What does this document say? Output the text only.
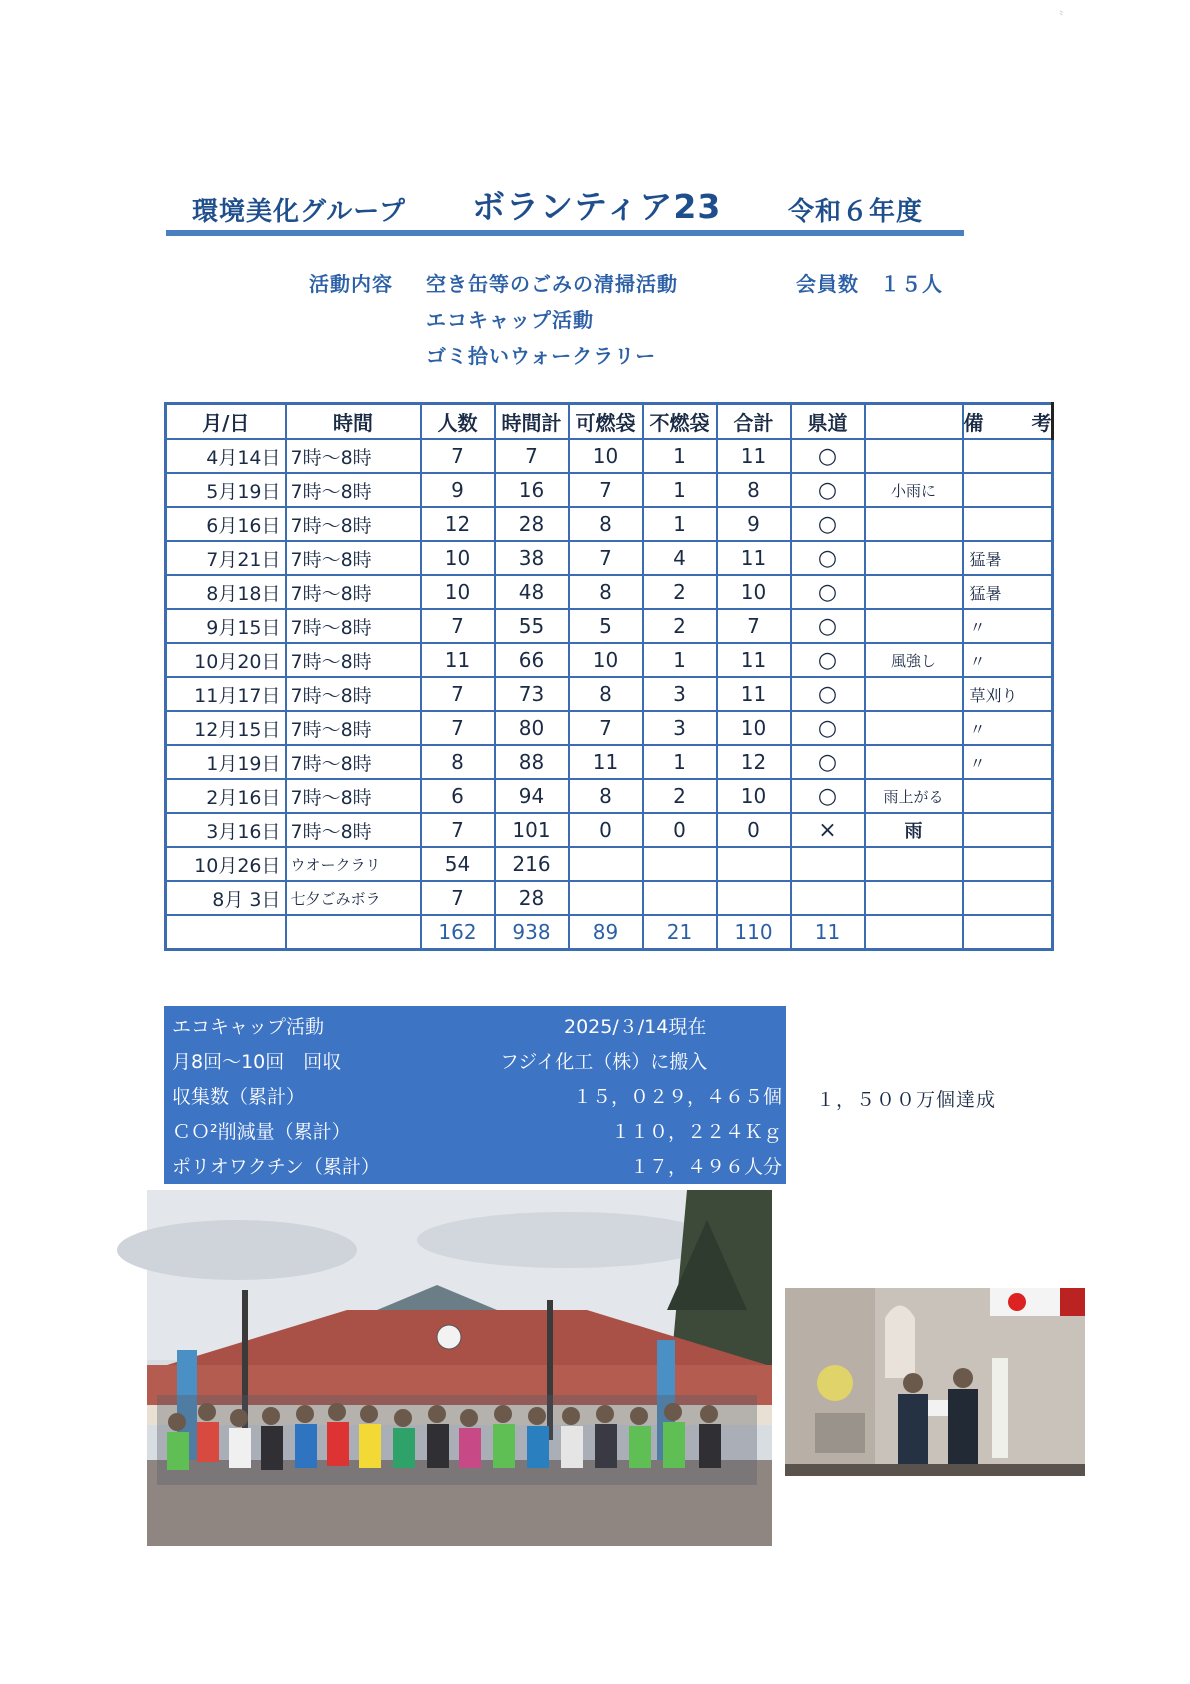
〝
環境美化グループ ボランティア23	令和６年度
活動内容 空き缶等のごみの清掃活動	会員数　１５人
エコキャップ活動
ゴミ拾いウォークラリー
月/日	時間	人数	時間計	可燃袋	不燃袋	合計	県道		備　考
4月14日	7時～8時	7	7	10	1	11	○		
5月19日	7時～8時	9	16	7	1	8	○	小雨に	
6月16日	7時～8時	12	28	8	1	9	○		
7月21日	7時～8時	10	38	7	4	11	○		猛暑
8月18日	7時～8時	10	48	8	2	10	○		猛暑
9月15日	7時～8時	7	55	5	2	7	○		〃
10月20日	7時～8時	11	66	10	1	11	○	風強し	〃
11月17日	7時～8時	7	73	8	3	11	○		草刈り
12月15日	7時～8時	7	80	7	3	10	○		〃
1月19日	7時～8時	8	88	11	1	12	○		〃
2月16日	7時～8時	6	94	8	2	10	○	雨上がる	
3月16日	7時～8時	7	101	0	0	0	×	雨	
10月26日	ウオークラリ	54	216						
8月 3日	七夕ごみボラ	7	28						
		162	938	89	21	110	11		
エコキャップ活動	2025/３/14現在
月8回～10回　回収	フジイ化工（株）に搬入
収集数（累計）	１５，０２９，４６５個
ＣＯ²削減量（累計）	１１０，２２４Ｋｇ
ポリオワクチン（累計）	１７，４９６人分
１，５００万個達成
